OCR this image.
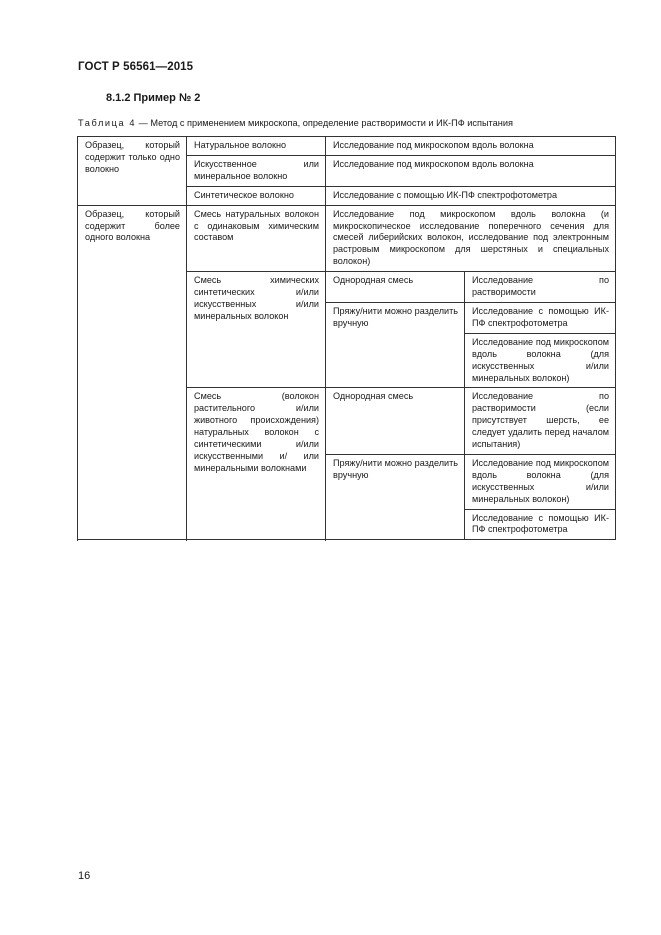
ГОСТ Р 56561—2015
8.1.2 Пример № 2
Таблица 4 — Метод с применением микроскопа, определение растворимости и ИК-ПФ испытания
Образец, который содержит только одно волокно	Натуральное волокно	Исследование под микроскопом вдоль волокна	
	Искусственное или минеральное волокно	Исследование под микроскопом вдоль волокна	
	Синтетическое волокно	Исследование с помощью ИК-ПФ спектрофотометра	
Образец, который содержит более одного волокна	Смесь натуральных волокон с одинаковым химическим составом	Исследование под микроскопом вдоль волокна (и микроскопическое исследование поперечного сечения для смесей либерийских волокон, исследование под электронным растровым микроскопом для шерстяных и специальных волокон)	
	Смесь химических синтетических и/или искусственных и/или минеральных волокон	Однородная смесь	Исследование по растворимости
		Пряжу/нити можно разделить вручную	Исследование с помощью ИК-ПФ спектрофотометра
			Исследование под микроскопом вдоль волокна (для искусственных и/или минеральных волокон)
	Смесь (волокон растительного и/или животного происхождения) натуральных волокон с синтетическими и/или искусственными и/ или минеральными волокнами	Однородная смесь	Исследование по растворимости (если присутствует шерсть, ее следует удалить перед началом испытания)
		Пряжу/нити можно разделить вручную	Исследование под микроскопом вдоль волокна (для искусственных и/или минеральных волокон)
			Исследование с помощью ИК-ПФ спектрофотометра

16
